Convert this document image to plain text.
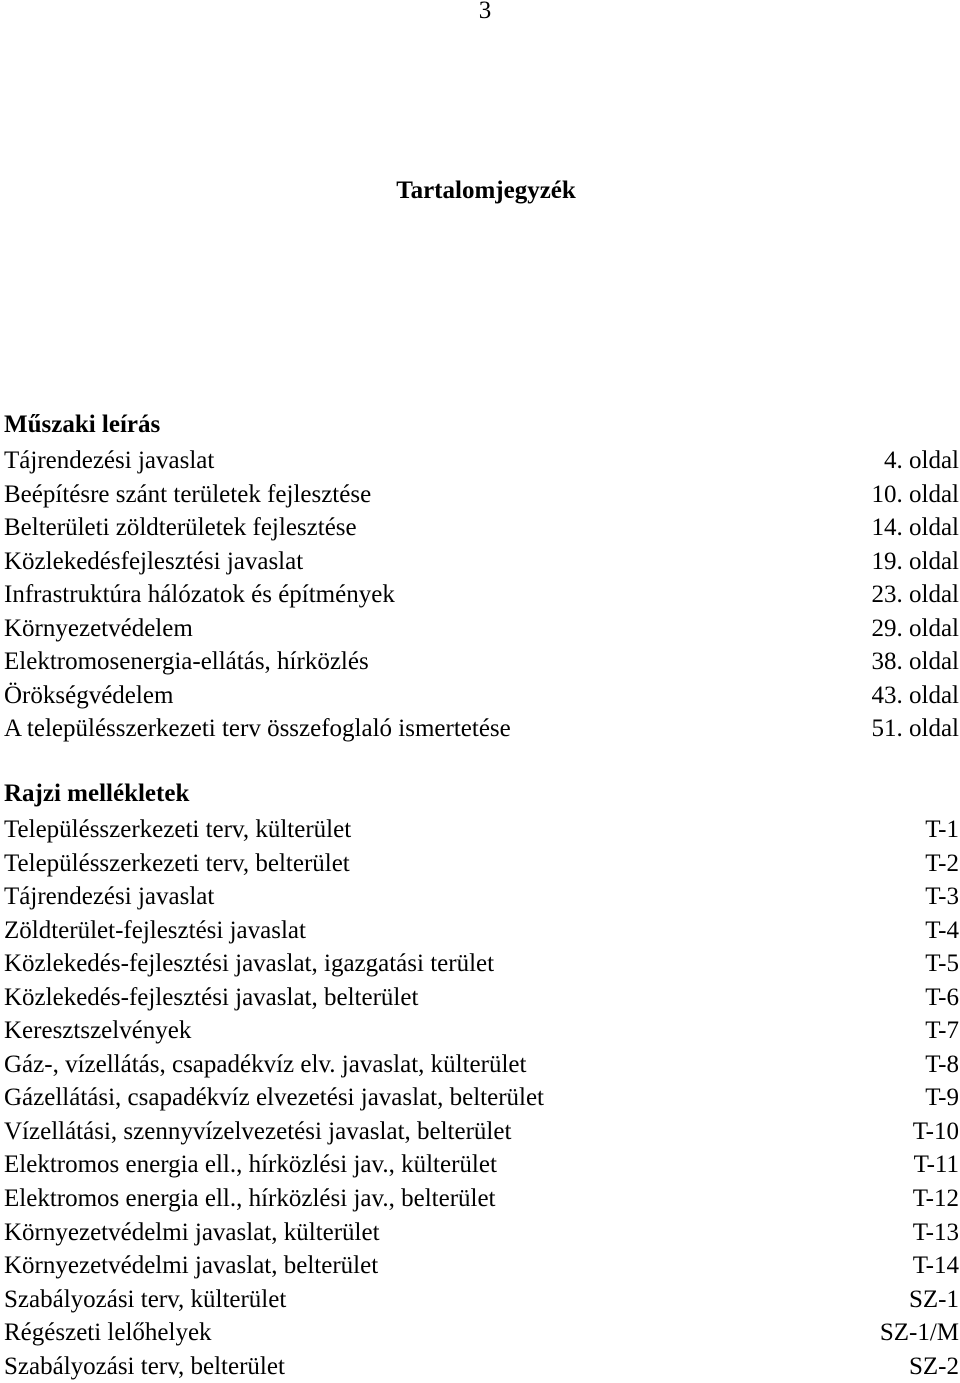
3
Tartalomjegyzék
Műszaki leírás
Tájrendezési javaslat	4. oldal
Beépítésre szánt területek fejlesztése	10. oldal
Belterületi zöldterületek fejlesztése	14. oldal
Közlekedésfejlesztési javaslat	19. oldal
Infrastruktúra hálózatok és építmények	23. oldal
Környezetvédelem	29. oldal
Elektromosenergia-ellátás, hírközlés	38. oldal
Örökségvédelem	43. oldal
A településszerkezeti terv összefoglaló ismertetése	51. oldal
Rajzi mellékletek
Településszerkezeti terv, külterület	T-1
Településszerkezeti terv, belterület	T-2
Tájrendezési javaslat	T-3
Zöldterület-fejlesztési javaslat	T-4
Közlekedés-fejlesztési javaslat, igazgatási terület	T-5
Közlekedés-fejlesztési javaslat, belterület	T-6
Keresztszelvények	T-7
Gáz-, vízellátás, csapadékvíz elv. javaslat, külterület	T-8
Gázellátási, csapadékvíz elvezetési javaslat, belterület	T-9
Vízellátási, szennyvízelvezetési javaslat, belterület	T-10
Elektromos energia ell., hírközlési jav., külterület	T-11
Elektromos energia ell., hírközlési jav., belterület	T-12
Környezetvédelmi javaslat, külterület	T-13
Környezetvédelmi javaslat, belterület	T-14
Szabályozási terv, külterület	SZ-1
Régészeti lelőhelyek	SZ-1/M
Szabályozási terv, belterület	SZ-2
